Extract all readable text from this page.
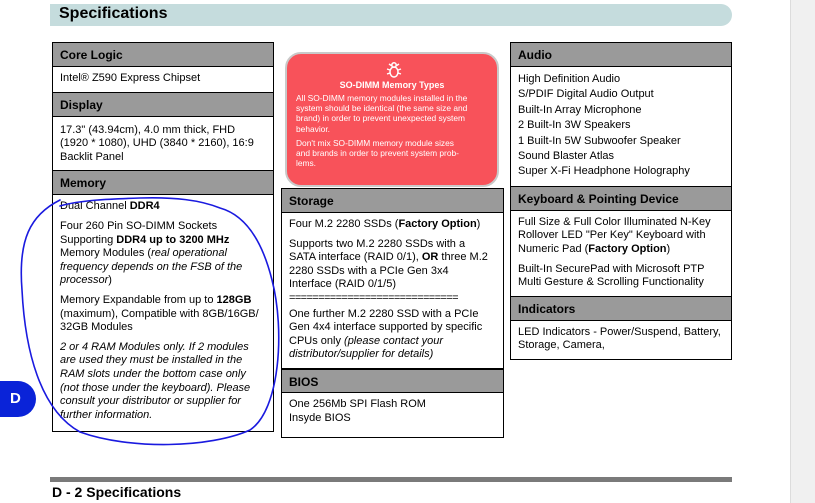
Specifications
Core Logic
Intel® Z590 Express Chipset
Display
17.3" (43.94cm), 4.0 mm thick, FHD
(1920 * 1080), UHD (3840 * 2160), 16:9
Backlit Panel
Memory

Dual Channel DDR4

Four 260 Pin SO-DIMM Sockets
Supporting DDR4 up to 3200 MHz
Memory Modules (real operational
frequency depends on the FSB of the
processor)

Memory Expandable from up to 128GB
(maximum), Compatible with 8GB/16GB/
32GB Modules

2 or 4 RAM Modules only. If 2 modules
are used they must be installed in the
RAM slots under the bottom case only
(not those under the keyboard). Please
consult your distributor or supplier for
further information.

SO-DIMM Memory Types

All SO-DIMM memory modules installed in the
system should be identical (the same size and
brand) in order to prevent unexpected system
behavior.

Don't mix SO-DIMM memory module sizes
and brands in order to prevent system prob-
lems.

Storage

Four M.2 2280 SSDs (Factory Option)

Supports two M.2 2280 SSDs with a
SATA interface (RAID 0/1), OR three M.2
2280 SSDs with a PCIe Gen 3x4
Interface (RAID 0/1/5)
=============================

One further M.2 2280 SSD with a PCIe
Gen 4x4 interface supported by specific
CPUs only (please contact your
distributor/supplier for details)

BIOS
One 256Mb SPI Flash ROM
Insyde BIOS
Audio
High Definition Audio
S/PDIF Digital Audio Output
Built-In Array Microphone
2 Built-In 3W Speakers
1 Built-In 5W Subwoofer Speaker
Sound Blaster Atlas
Super X-Fi Headphone Holography
Keyboard & Pointing Device

Full Size & Full Color Illuminated N-Key
Rollover LED "Per Key" Keyboard with
Numeric Pad (Factory Option)

Built-In SecurePad with Microsoft PTP
Multi Gesture & Scrolling Functionality

Indicators
LED Indicators - Power/Suspend, Battery,
Storage, Camera,
D - 2 Specifications
D
